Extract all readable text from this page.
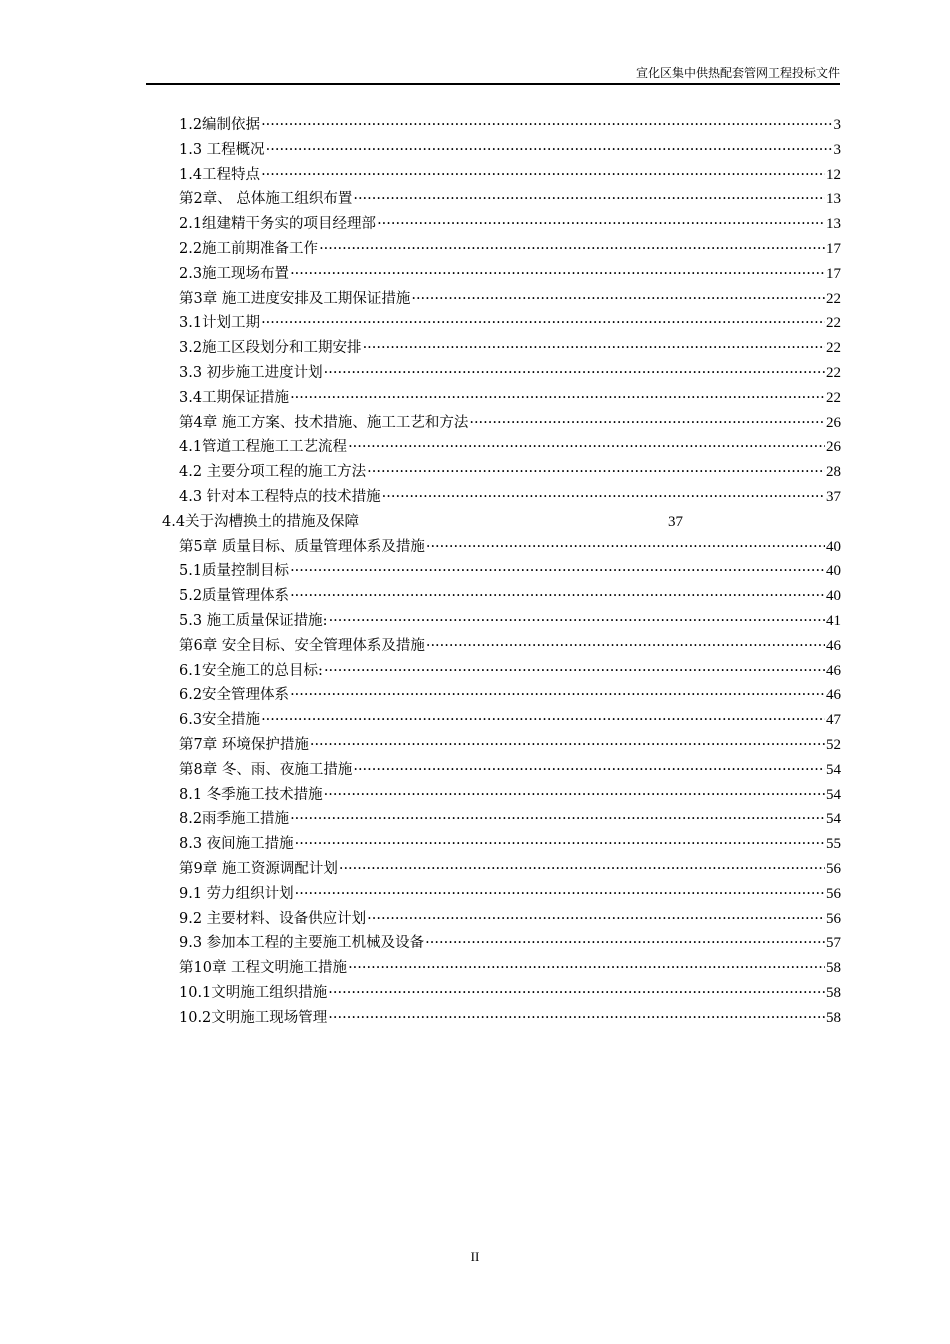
宣化区集中供热配套管网工程投标文件
1.2编制依据 ·····	3
1.3 工程概况 ·····	3
1.4工程特点 ·····	12
第2章、 总体施工组织布置 ·····	13
2.1组建精干务实的项目经理部 ·····	13
2.2施工前期准备工作 ·····	17
2.3施工现场布置 ·····	17
第3章 施工进度安排及工期保证措施 ·····	22
3.1计划工期 ·····	22
3.2施工区段划分和工期安排 ·····	22
3.3 初步施工进度计划 ·····	22
3.4工期保证措施 ·····	22
第4章 施工方案、技术措施、施工工艺和方法 ·····	26
4.1管道工程施工工艺流程 ·····	26
4.2 主要分项工程的施工方法 ·····	28
4.3 针对本工程特点的技术措施 ·····	37
4.4关于沟槽换土的措施及保障	37
第5章 质量目标、质量管理体系及措施 ·····	40
5.1质量控制目标 ·····	40
5.2质量管理体系 ·····	40
5.3 施工质量保证措施: ·····	41
第6章 安全目标、安全管理体系及措施 ·····	46
6.1安全施工的总目标: ·····	46
6.2安全管理体系 ·····	46
6.3安全措施 ·····	47
第7章 环境保护措施 ·····	52
第8章 冬、雨、夜施工措施 ·····	54
8.1 冬季施工技术措施 ·····	54
8.2雨季施工措施 ·····	54
8.3 夜间施工措施 ·····	55
第9章 施工资源调配计划 ·····	56
9.1 劳力组织计划 ·····	56
9.2 主要材料、设备供应计划 ·····	56
9.3 参加本工程的主要施工机械及设备 ·····	57
第10章 工程文明施工措施 ·····	58
10.1文明施工组织措施 ·····	58
10.2文明施工现场管理 ·····	58
II
